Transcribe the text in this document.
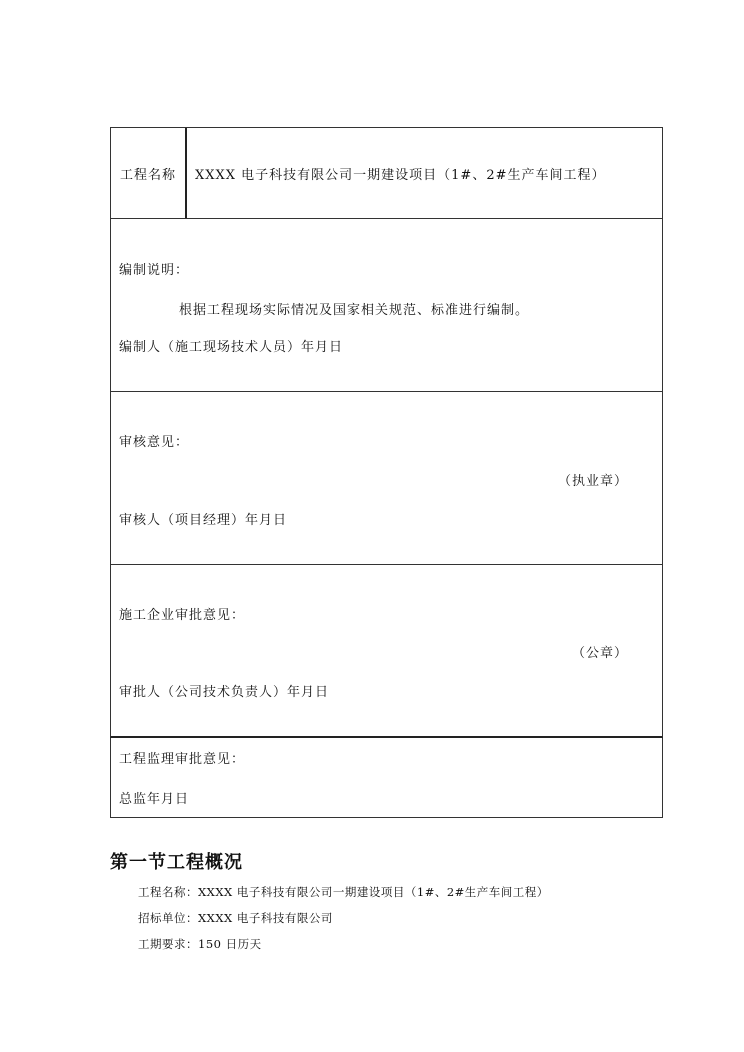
工程名称	XXXX 电子科技有限公司一期建设项目（1#、2#生产车间工程）
编制说明：
根据工程现场实际情况及国家相关规范、标准进行编制。
编制人（施工现场技术人员）年月日
审核意见：
（执业章）
审核人（项目经理）年月日
施工企业审批意见：
（公章）
审批人（公司技术负责人）年月日
工程监理审批意见：
总监年月日
第一节工程概况
工程名称：XXXX 电子科技有限公司一期建设项目（1#、2#生产车间工程）
招标单位：XXXX 电子科技有限公司
工期要求：150 日历天
